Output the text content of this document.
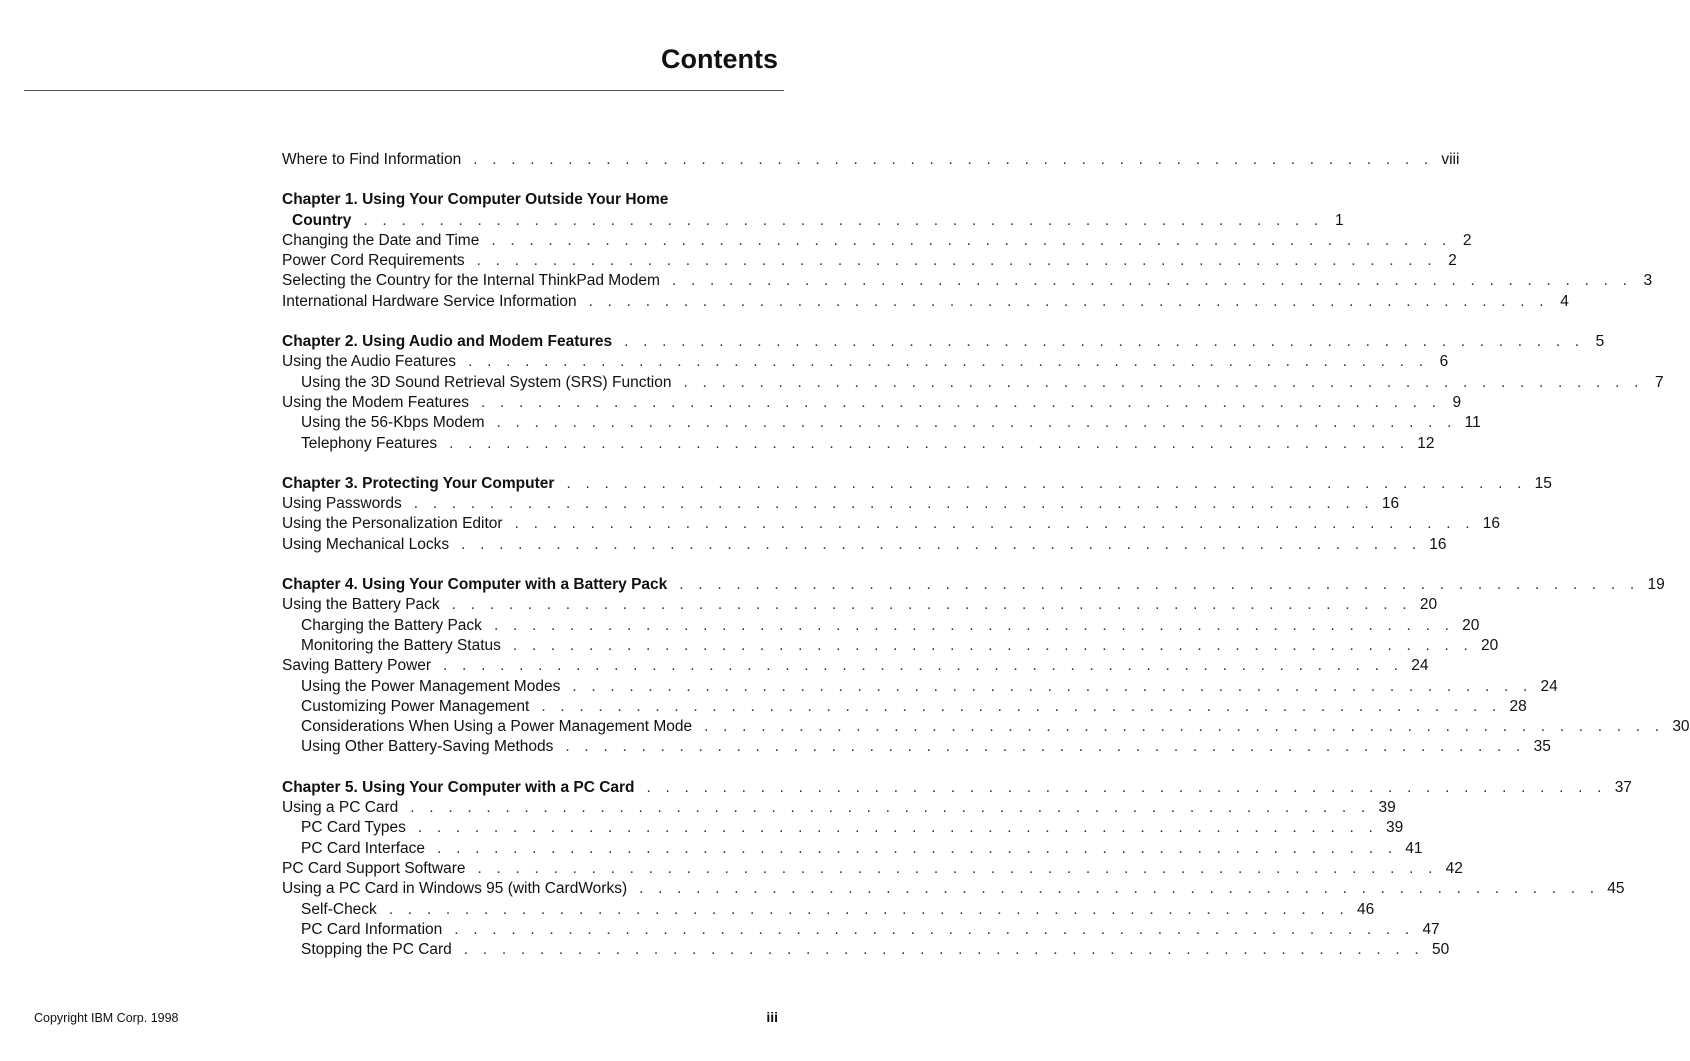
Contents
Where to Find Information . . . . . . . . . . . . . . . . . . . . . . . . . . . . . . . . . . . . . . . . . . . . . . . . . . . viii
Chapter 1. Using Your Computer Outside Your Home
Country . . . . . . . . . . . . . . . . . . . . . . . . . . . . . . . . . . . . . . . . . . . . . . . . . . . 1
Changing the Date and Time . . . . . . . . . . . . . . . . . . . . . . . . . . . . . . . . . . . . . . . . . . . . . . . . . . . 2
Power Cord Requirements . . . . . . . . . . . . . . . . . . . . . . . . . . . . . . . . . . . . . . . . . . . . . . . . . . . 2
Selecting the Country for the Internal ThinkPad Modem . . . . . . . . . . . . . . . . . . . . . . . . . . . . . . . . . . . . . . . . . . . . . . . . . . . 3
International Hardware Service Information . . . . . . . . . . . . . . . . . . . . . . . . . . . . . . . . . . . . . . . . . . . . . . . . . . . 4
Chapter 2. Using Audio and Modem Features . . . . . . . . . . . . . . . . . . . . . . . . . . . . . . . . . . . . . . . . . . . . . . . . . . . 5
Using the Audio Features . . . . . . . . . . . . . . . . . . . . . . . . . . . . . . . . . . . . . . . . . . . . . . . . . . . 6
Using the 3D Sound Retrieval System (SRS) Function . . . . . . . . . . . . . . . . . . . . . . . . . . . . . . . . . . . . . . . . . . . . . . . . . . . 7
Using the Modem Features . . . . . . . . . . . . . . . . . . . . . . . . . . . . . . . . . . . . . . . . . . . . . . . . . . . 9
Using the 56-Kbps Modem . . . . . . . . . . . . . . . . . . . . . . . . . . . . . . . . . . . . . . . . . . . . . . . . . . . 11
Telephony Features . . . . . . . . . . . . . . . . . . . . . . . . . . . . . . . . . . . . . . . . . . . . . . . . . . . 12
Chapter 3. Protecting Your Computer . . . . . . . . . . . . . . . . . . . . . . . . . . . . . . . . . . . . . . . . . . . . . . . . . . . 15
Using Passwords . . . . . . . . . . . . . . . . . . . . . . . . . . . . . . . . . . . . . . . . . . . . . . . . . . . 16
Using the Personalization Editor . . . . . . . . . . . . . . . . . . . . . . . . . . . . . . . . . . . . . . . . . . . . . . . . . . . 16
Using Mechanical Locks . . . . . . . . . . . . . . . . . . . . . . . . . . . . . . . . . . . . . . . . . . . . . . . . . . . 16
Chapter 4. Using Your Computer with a Battery Pack . . . . . . . . . . . . . . . . . . . . . . . . . . . . . . . . . . . . . . . . . . . . . . . . . . . 19
Using the Battery Pack . . . . . . . . . . . . . . . . . . . . . . . . . . . . . . . . . . . . . . . . . . . . . . . . . . . 20
Charging the Battery Pack . . . . . . . . . . . . . . . . . . . . . . . . . . . . . . . . . . . . . . . . . . . . . . . . . . . 20
Monitoring the Battery Status . . . . . . . . . . . . . . . . . . . . . . . . . . . . . . . . . . . . . . . . . . . . . . . . . . . 20
Saving Battery Power . . . . . . . . . . . . . . . . . . . . . . . . . . . . . . . . . . . . . . . . . . . . . . . . . . . 24
Using the Power Management Modes . . . . . . . . . . . . . . . . . . . . . . . . . . . . . . . . . . . . . . . . . . . . . . . . . . . 24
Customizing Power Management . . . . . . . . . . . . . . . . . . . . . . . . . . . . . . . . . . . . . . . . . . . . . . . . . . . 28
Considerations When Using a Power Management Mode . . . . . . . . . . . . . . . . . . . . . . . . . . . . . . . . . . . . . . . . . . . . . . . . . . . 30
Using Other Battery-Saving Methods . . . . . . . . . . . . . . . . . . . . . . . . . . . . . . . . . . . . . . . . . . . . . . . . . . . 35
Chapter 5. Using Your Computer with a PC Card . . . . . . . . . . . . . . . . . . . . . . . . . . . . . . . . . . . . . . . . . . . . . . . . . . . 37
Using a PC Card . . . . . . . . . . . . . . . . . . . . . . . . . . . . . . . . . . . . . . . . . . . . . . . . . . . 39
PC Card Types . . . . . . . . . . . . . . . . . . . . . . . . . . . . . . . . . . . . . . . . . . . . . . . . . . . 39
PC Card Interface . . . . . . . . . . . . . . . . . . . . . . . . . . . . . . . . . . . . . . . . . . . . . . . . . . . 41
PC Card Support Software . . . . . . . . . . . . . . . . . . . . . . . . . . . . . . . . . . . . . . . . . . . . . . . . . . . 42
Using a PC Card in Windows 95 (with CardWorks) . . . . . . . . . . . . . . . . . . . . . . . . . . . . . . . . . . . . . . . . . . . . . . . . . . . 45
Self-Check . . . . . . . . . . . . . . . . . . . . . . . . . . . . . . . . . . . . . . . . . . . . . . . . . . . 46
PC Card Information . . . . . . . . . . . . . . . . . . . . . . . . . . . . . . . . . . . . . . . . . . . . . . . . . . . 47
Stopping the PC Card . . . . . . . . . . . . . . . . . . . . . . . . . . . . . . . . . . . . . . . . . . . . . . . . . . . 50
Copyright IBM Corp. 1998	iii
